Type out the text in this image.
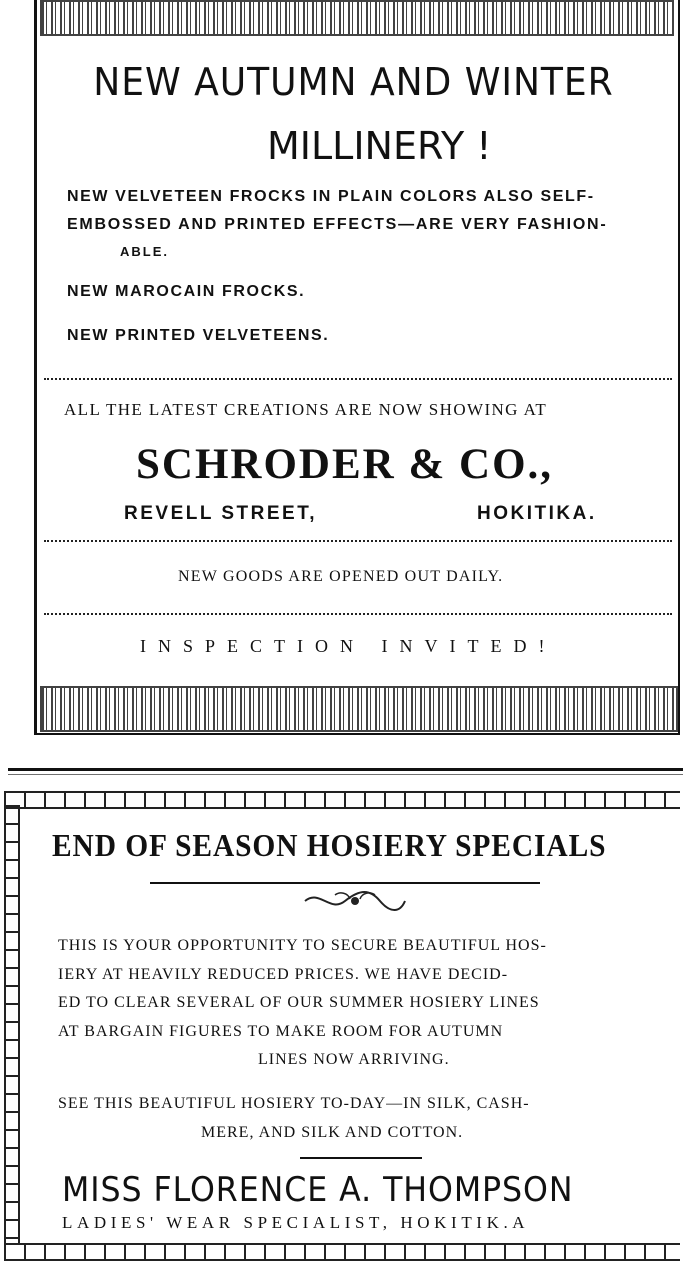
NEW AUTUMN AND WINTER
MILLINERY !
NEW VELVETEEN FROCKS IN PLAIN COLORS ALSO SELF-
EMBOSSED AND PRINTED EFFECTS—ARE VERY FASHION-
ABLE.
NEW MAROCAIN FROCKS.
NEW PRINTED VELVETEENS.
ALL THE LATEST CREATIONS ARE NOW SHOWING AT
SCHRODER & CO.,
REVELL STREET,	HOKITIKA.
NEW GOODS ARE OPENED OUT DAILY.
INSPECTION INVITED!
END OF SEASON HOSIERY SPECIALS
THIS IS YOUR OPPORTUNITY TO SECURE BEAUTIFUL HOS-
IERY AT HEAVILY REDUCED PRICES. WE HAVE DECID-
ED TO CLEAR SEVERAL OF OUR SUMMER HOSIERY LINES
AT BARGAIN FIGURES TO MAKE ROOM FOR AUTUMN
LINES NOW ARRIVING.
SEE THIS BEAUTIFUL HOSIERY TO-DAY—IN SILK, CASH-
MERE, AND SILK AND COTTON.
MISS FLORENCE A. THOMPSON
LADIES' WEAR SPECIALIST, HOKITIK.A
